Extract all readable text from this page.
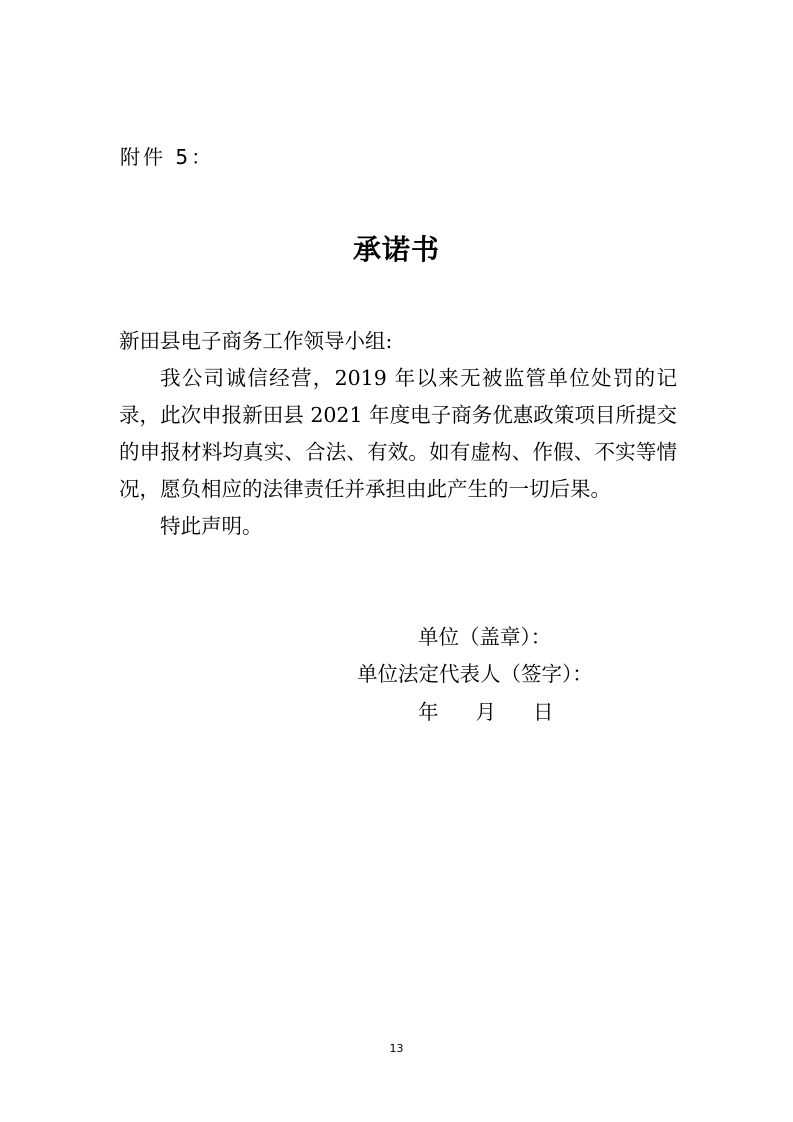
附件 5：
承诺书

新田县电子商务工作领导小组:

我公司诚信经营，2019 年以来无被监管单位处罚的记录，此次申报新田县 2021 年度电子商务优惠政策项目所提交的申报材料均真实、合法、有效。如有虚构、作假、不实等情况，愿负相应的法律责任并承担由此产生的一切后果。

特此声明。

单位（盖章）：
单位法定代表人（签字）：
年 月 日
13
